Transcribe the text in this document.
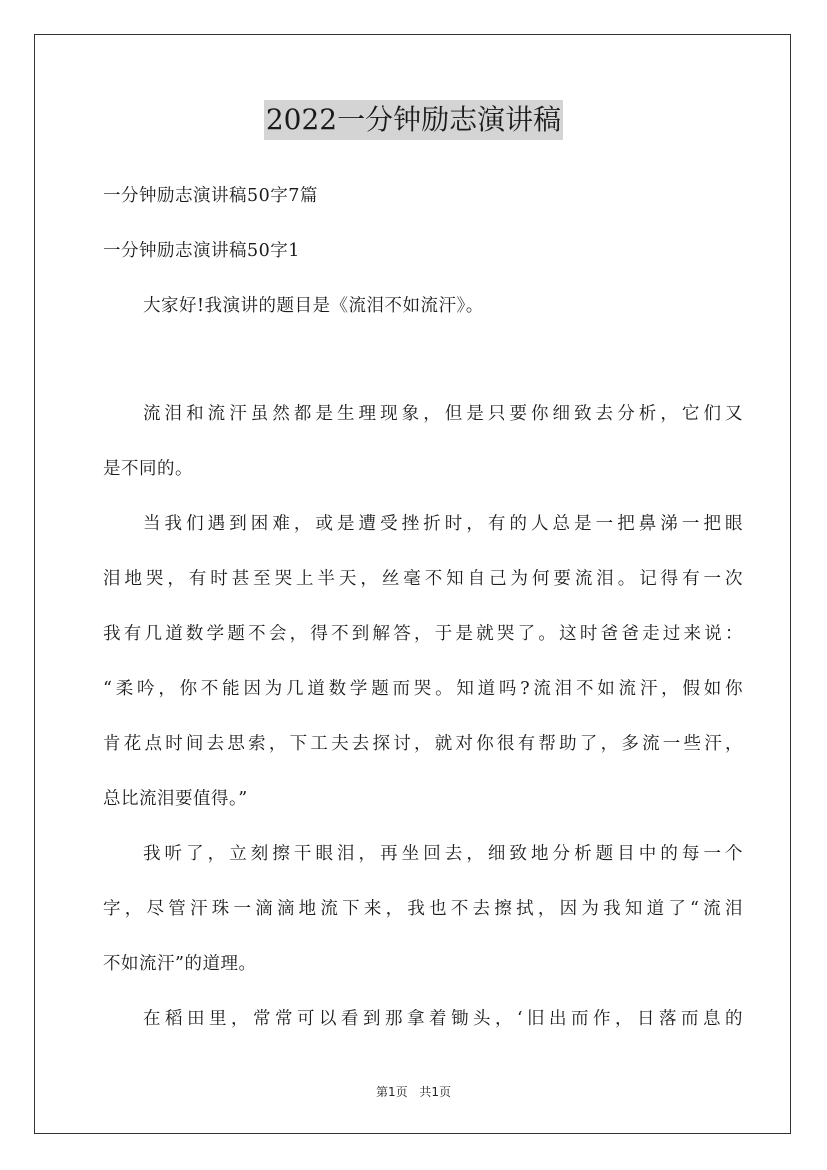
2022一分钟励志演讲稿
一分钟励志演讲稿50字7篇
一分钟励志演讲稿50字1
大家好!我演讲的题目是《流泪不如流汗》。
流泪和流汗虽然都是生理现象，但是只要你细致去分析，它们又
是不同的。
当我们遇到困难，或是遭受挫折时，有的人总是一把鼻涕一把眼
泪地哭，有时甚至哭上半天，丝毫不知自己为何要流泪。记得有一次
我有几道数学题不会，得不到解答，于是就哭了。这时爸爸走过来说：
“柔吟，你不能因为几道数学题而哭。知道吗?流泪不如流汗，假如你
肯花点时间去思索，下工夫去探讨，就对你很有帮助了，多流一些汗，
总比流泪要值得。”
我听了，立刻擦干眼泪，再坐回去，细致地分析题目中的每一个
字，尽管汗珠一滴滴地流下来，我也不去擦拭，因为我知道了“流泪
不如流汗”的道理。
在稻田里，常常可以看到那拿着锄头，‘旧出而作，日落而息的
第1页 共1页
